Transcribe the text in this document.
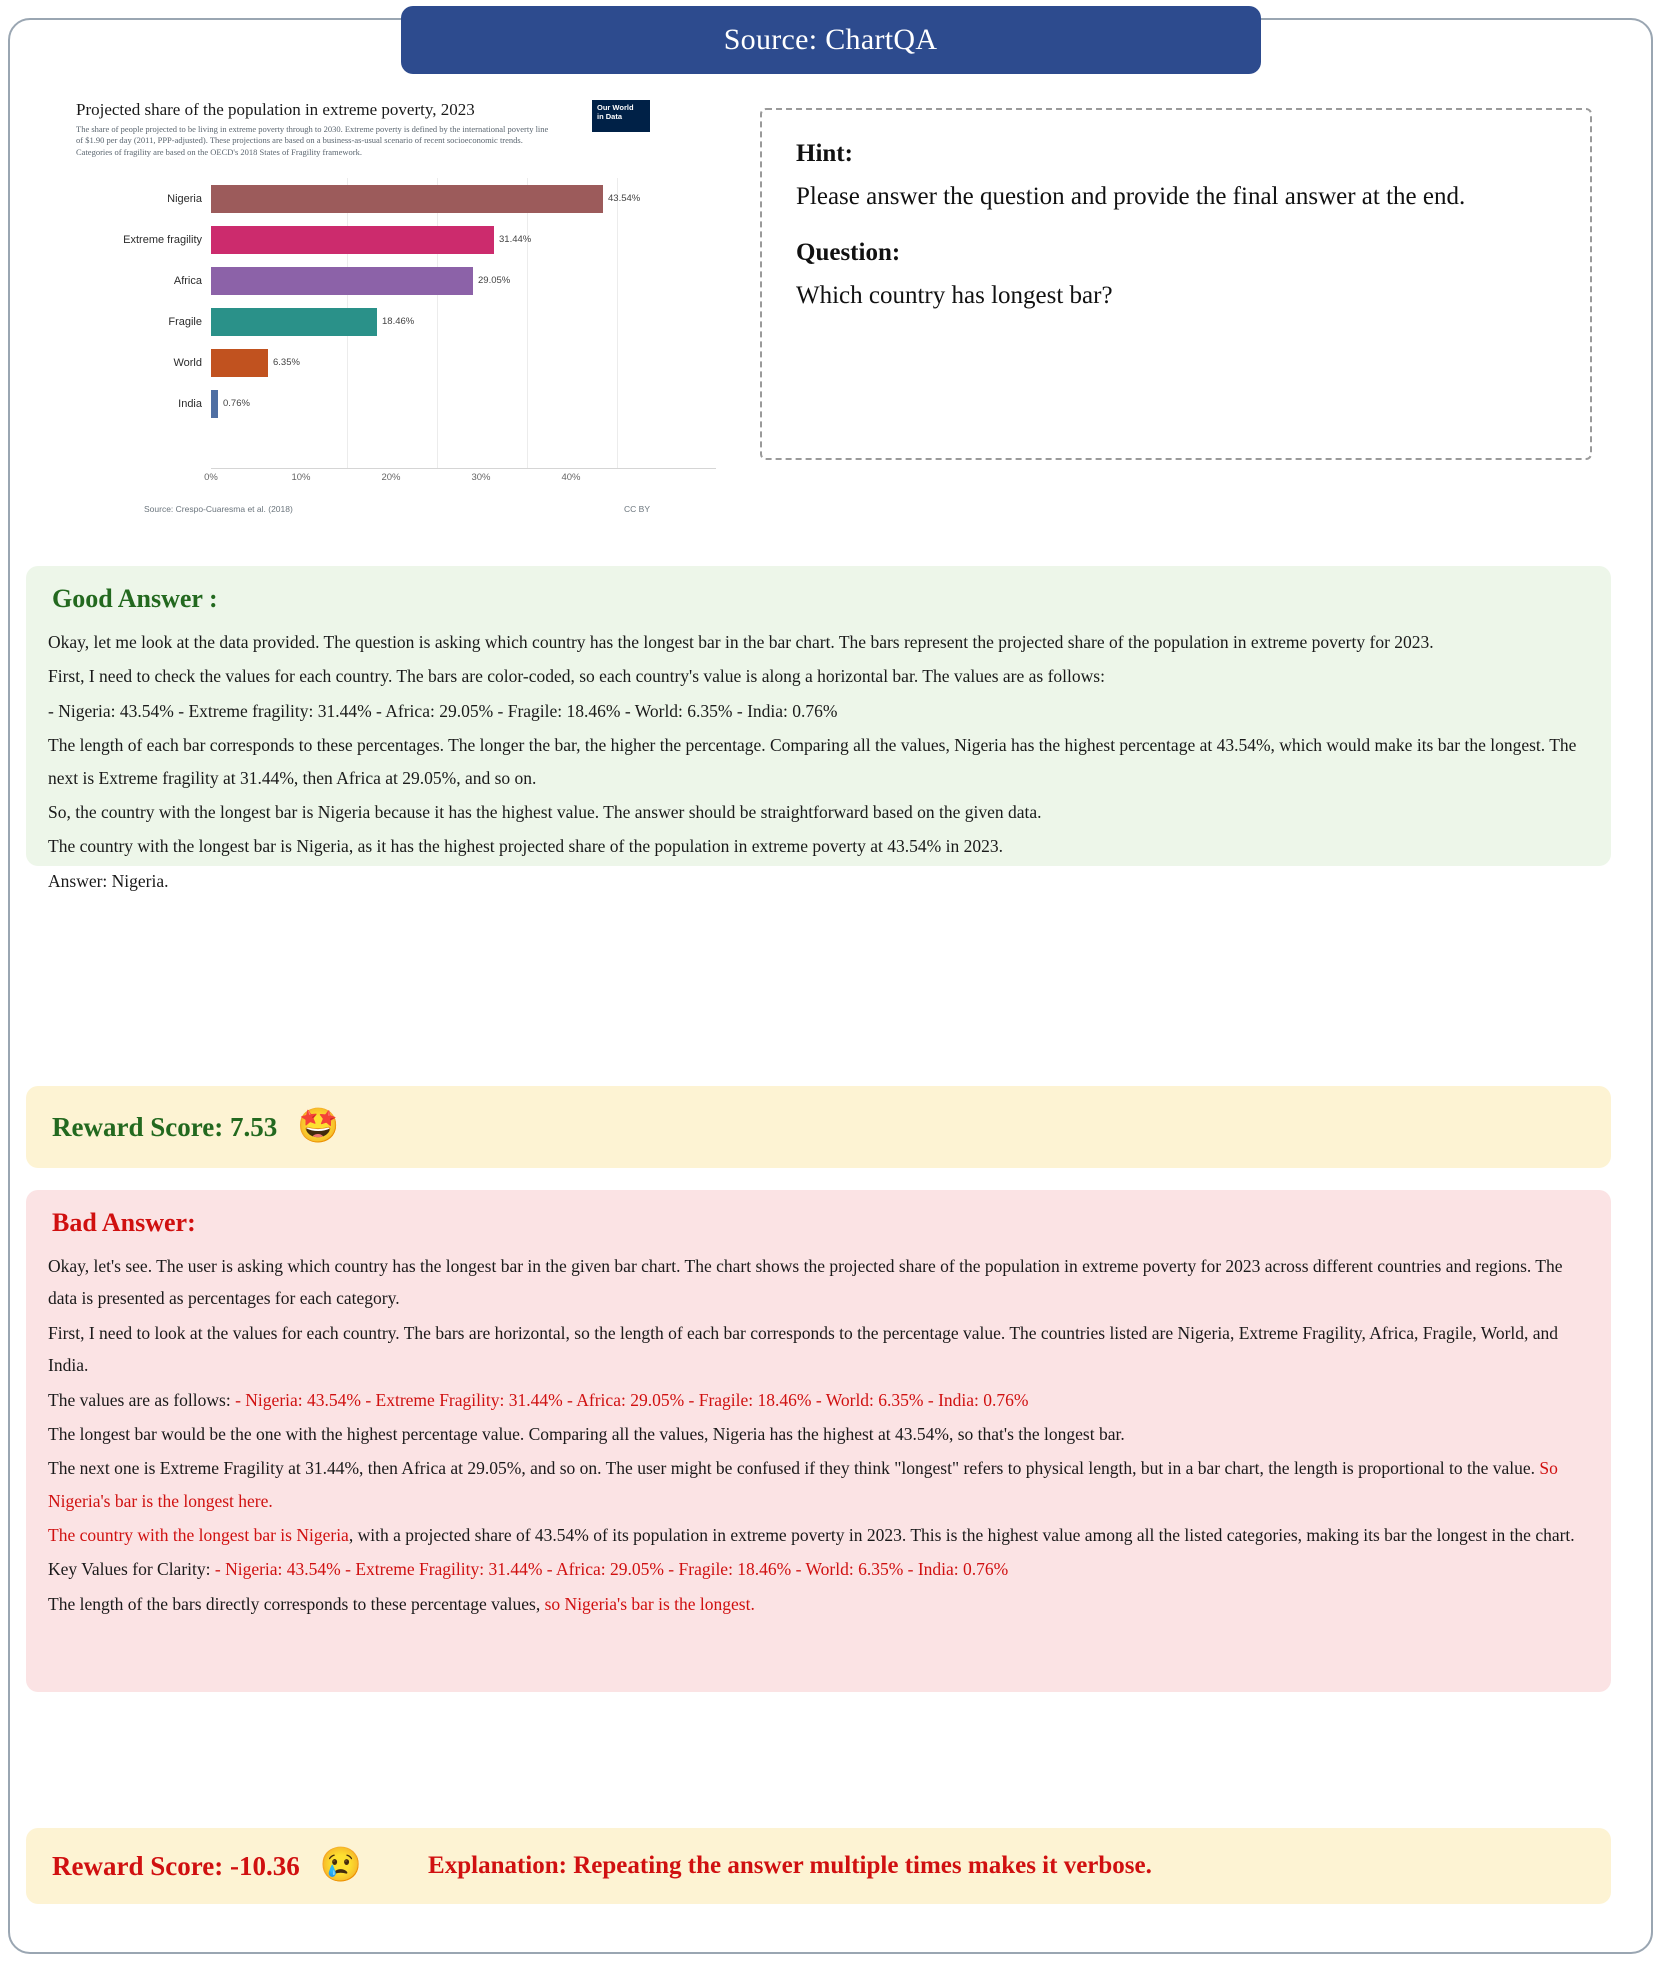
Source: ChartQA
Projected share of the population in extreme poverty, 2023
The share of people projected to be living in extreme poverty through to 2030. Extreme poverty is defined by the international poverty line of $1.90 per day (2011, PPP-adjusted). These projections are based on a business-as-usual scenario of recent socioeconomic trends. Categories of fragility are based on the OECD's 2018 States of Fragility framework.
Our World
in Data
Nigeria	43.54%
Extreme fragility	31.44%
Africa	29.05%
Fragile	18.46%
World	6.35%
India	0.76%
0%	10%	20%	30%	40%
Source: Crespo-Cuaresma et al. (2018)	CC BY
Hint:
Please answer the question and provide the final answer at the end.
Question:
Which country has longest bar?
Good Answer :

Okay, let me look at the data provided. The question is asking which country has the longest bar in the bar chart. The bars represent the projected share of the population in extreme poverty for 2023.

First, I need to check the values for each country. The bars are color-coded, so each country's value is along a horizontal bar. The values are as follows:

- Nigeria: 43.54% - Extreme fragility: 31.44% - Africa: 29.05% - Fragile: 18.46% - World: 6.35% - India: 0.76%

The length of each bar corresponds to these percentages. The longer the bar, the higher the percentage. Comparing all the values, Nigeria has the highest percentage at 43.54%, which would make its bar the longest. The next is Extreme fragility at 31.44%, then Africa at 29.05%, and so on.

So, the country with the longest bar is Nigeria because it has the highest value. The answer should be straightforward based on the given data.

The country with the longest bar is Nigeria, as it has the highest projected share of the population in extreme poverty at 43.54% in 2023.

Answer: Nigeria.

Reward Score: 7.53 🤩
Bad Answer:

Okay, let's see. The user is asking which country has the longest bar in the given bar chart. The chart shows the projected share of the population in extreme poverty for 2023 across different countries and regions. The data is presented as percentages for each category.

First, I need to look at the values for each country. The bars are horizontal, so the length of each bar corresponds to the percentage value. The countries listed are Nigeria, Extreme Fragility, Africa, Fragile, World, and India.

The values are as follows: - Nigeria: 43.54% - Extreme Fragility: 31.44% - Africa: 29.05% - Fragile: 18.46% - World: 6.35% - India: 0.76%

The longest bar would be the one with the highest percentage value. Comparing all the values, Nigeria has the highest at 43.54%, so that's the longest bar.

The next one is Extreme Fragility at 31.44%, then Africa at 29.05%, and so on. The user might be confused if they think "longest" refers to physical length, but in a bar chart, the length is proportional to the value. So Nigeria's bar is the longest here.

The country with the longest bar is Nigeria, with a projected share of 43.54% of its population in extreme poverty in 2023. This is the highest value among all the listed categories, making its bar the longest in the chart.

Key Values for Clarity: - Nigeria: 43.54% - Extreme Fragility: 31.44% - Africa: 29.05% - Fragile: 18.46% - World: 6.35% - India: 0.76%

The length of the bars directly corresponds to these percentage values, so Nigeria's bar is the longest.

Reward Score: -10.36 😢	Explanation: Repeating the answer multiple times makes it verbose.
